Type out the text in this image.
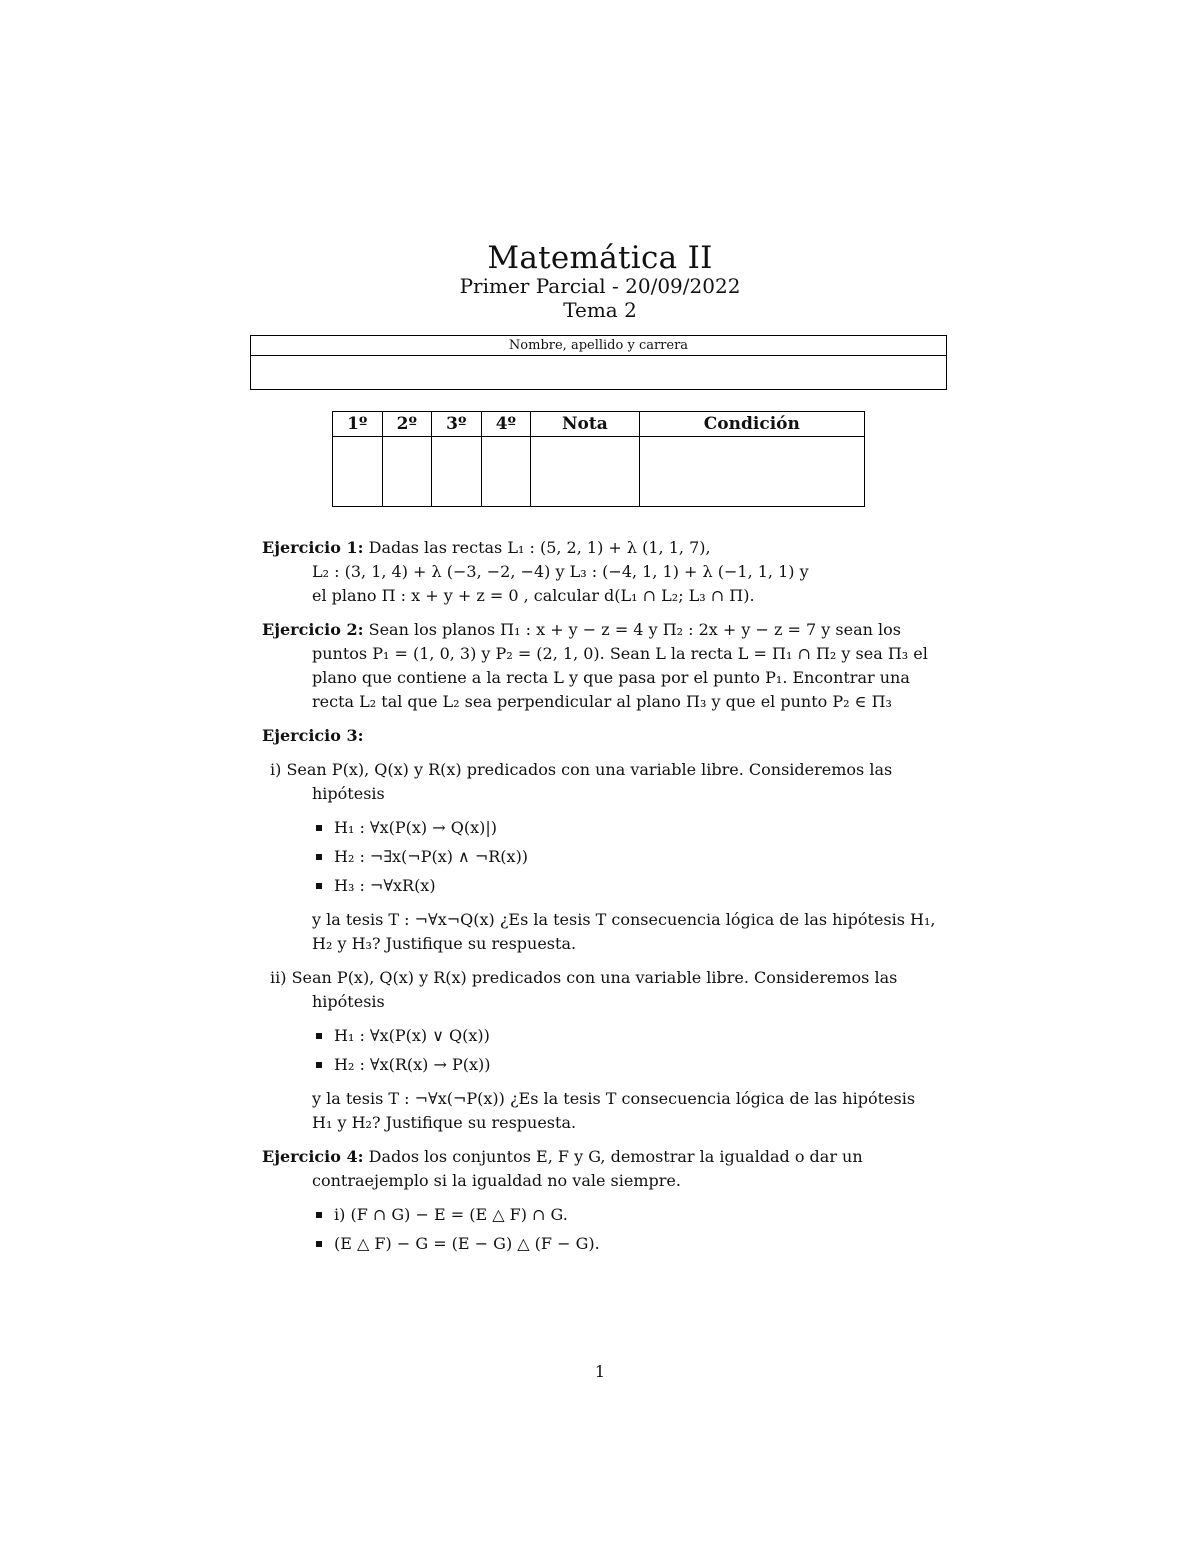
Matemática II
Primer Parcial - 20/09/2022
Tema 2
Nombre, apellido y carrera

1º	2º	3º	4º	Nota	Condición

Ejercicio 1: Dadas las rectas L₁ : (5, 2, 1) + λ (1, 1, 7),
L₂ : (3, 1, 4) + λ (−3, −2, −4) y L₃ : (−4, 1, 1) + λ (−1, 1, 1) y
el plano Π : x + y + z = 0 , calcular d(L₁ ∩ L₂; L₃ ∩ Π).
Ejercicio 2: Sean los planos Π₁ : x + y − z = 4 y Π₂ : 2x + y − z = 7 y sean los puntos P₁ = (1, 0, 3) y P₂ = (2, 1, 0). Sean L la recta L = Π₁ ∩ Π₂ y sea Π₃ el plano que contiene a la recta L y que pasa por el punto P₁. Encontrar una recta L₂ tal que L₂ sea perpendicular al plano Π₃ y que el punto P₂ ∈ Π₃
Ejercicio 3:
i) Sean P(x), Q(x) y R(x) predicados con una variable libre. Consideremos las hipótesis
H₁ : ∀x(P(x) → Q(x)|)
H₂ : ¬∃x(¬P(x) ∧ ¬R(x))
H₃ : ¬∀xR(x)
y la tesis T : ¬∀x¬Q(x) ¿Es la tesis T consecuencia lógica de las hipótesis H₁, H₂ y H₃? Justifique su respuesta.
ii) Sean P(x), Q(x) y R(x) predicados con una variable libre. Consideremos las hipótesis
H₁ : ∀x(P(x) ∨ Q(x))
H₂ : ∀x(R(x) → P(x))
y la tesis T : ¬∀x(¬P(x)) ¿Es la tesis T consecuencia lógica de las hipótesis H₁ y H₂? Justifique su respuesta.
Ejercicio 4: Dados los conjuntos E, F y G, demostrar la igualdad o dar un contraejemplo si la igualdad no vale siempre.
i) (F ∩ G) − E = (E △ F) ∩ G.
(E △ F) − G = (E − G) △ (F − G).
1
